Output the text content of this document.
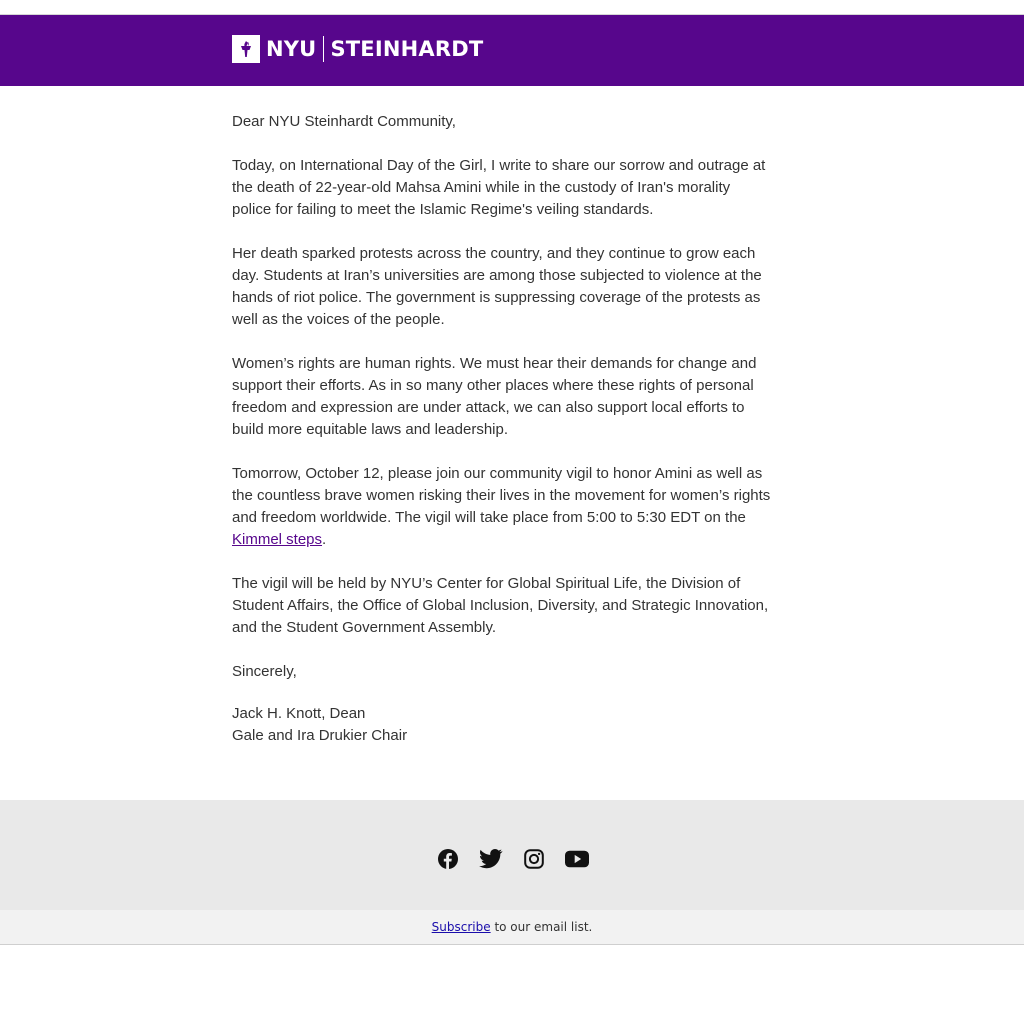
NYU STEINHARDT

Dear NYU Steinhardt Community,

Today, on International Day of the Girl, I write to share our sorrow and outrage at the death of 22-year-old Mahsa Amini while in the custody of Iran's morality police for failing to meet the Islamic Regime's veiling standards.

Her death sparked protests across the country, and they continue to grow each day. Students at Iran’s universities are among those subjected to violence at the hands of riot police. The government is suppressing coverage of the protests as well as the voices of the people.

Women’s rights are human rights. We must hear their demands for change and support their efforts. As in so many other places where these rights of personal freedom and expression are under attack, we can also support local efforts to build more equitable laws and leadership.

Tomorrow, October 12, please join our community vigil to honor Amini as well as the countless brave women risking their lives in the movement for women’s rights and freedom worldwide. The vigil will take place from 5:00 to 5:30 EDT on the Kimmel steps.

The vigil will be held by NYU’s Center for Global Spiritual Life, the Division of Student Affairs, the Office of Global Inclusion, Diversity, and Strategic Innovation, and the Student Government Assembly.

Sincerely,

Jack H. Knott, Dean

Gale and Ira Drukier Chair

Subscribe to our email list.
